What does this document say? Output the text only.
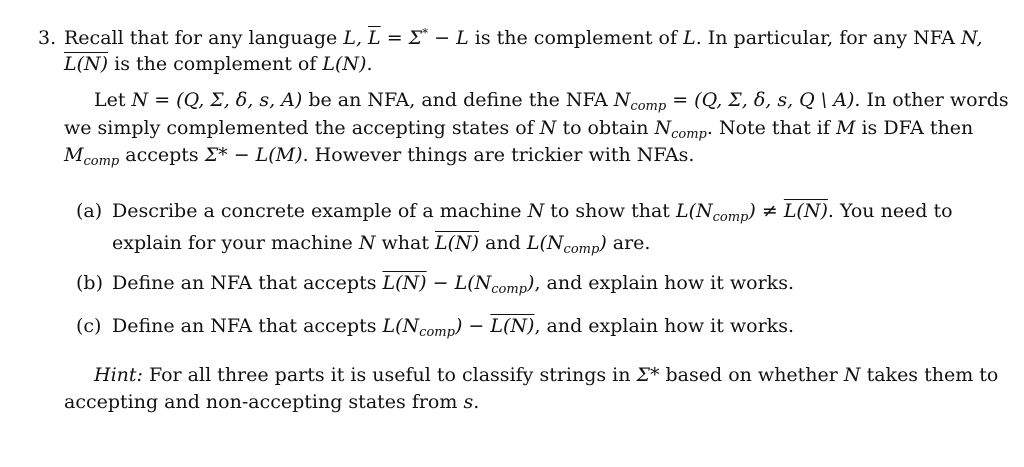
3. Recall that for any language L, $\overline{L} = \Sigma^* - L$ is the complement of L. In particular, for any NFA N,
L(N) is the complement of L(N).
Let N = (Q, Σ, δ, s, A) be an NFA, and define the NFA $N_{comp} = (Q$, Σ, δ, s, Q \ A). In other words
we simply complemented the accepting states of N to obtain $N_{comp}$. Note that if M is DFA then
$M_{comp}$ accepts Σ* − L(M). However things are trickier with NFAs.
(a) Describe a concrete example of a machine N to show that $L(N_{comp}) \ne L(N)$. You need to
explain for your machine N what L(N) and $L(N_{comp})$ are.
(b) Define an NFA that accepts $L(N) - L(N_{comp})$, and explain how it works.
(c) Define an NFA that accepts $L(N_{comp}) - L(N)$, and explain how it works.
Hint: For all three parts it is useful to classify strings in Σ* based on whether N takes them to
accepting and non-accepting states from s.
